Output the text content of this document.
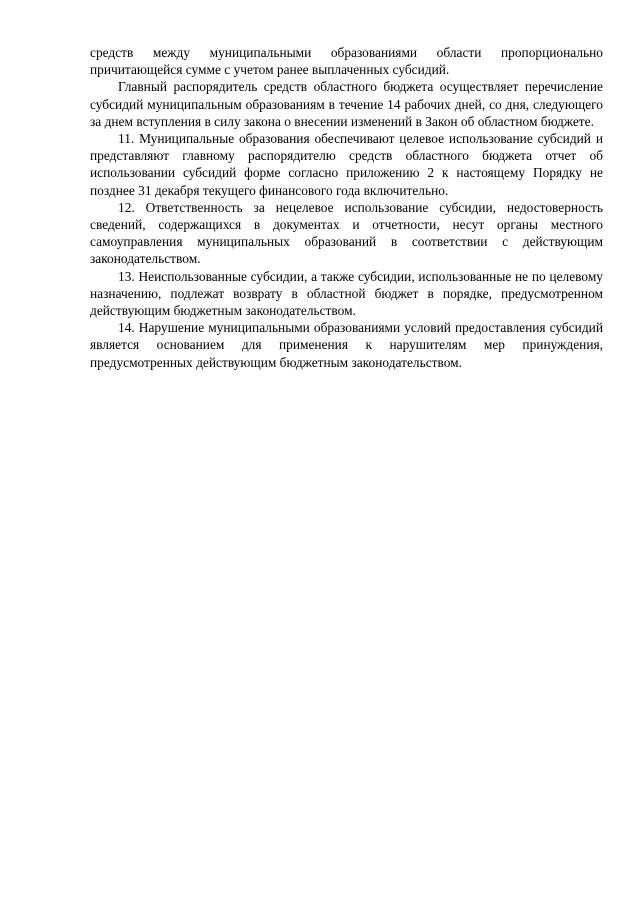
средств между муниципальными образованиями области пропорционально причитающейся сумме с учетом ранее выплаченных субсидий.

Главный распорядитель средств областного бюджета осуществляет перечисление субсидий муниципальным образованиям в течение 14 рабочих дней, со дня, следующего за днем вступления в силу закона о внесении изменений в Закон об областном бюджете.

11. Муниципальные образования обеспечивают целевое использование субсидий и представляют главному распорядителю средств областного бюджета отчет об использовании субсидий форме согласно приложению 2 к настоящему Порядку не позднее 31 декабря текущего финансового года включительно.

12. Ответственность за нецелевое использование субсидии, недостоверность сведений, содержащихся в документах и отчетности, несут органы местного самоуправления муниципальных образований в соответствии с действующим законодательством.

13. Неиспользованные субсидии, а также субсидии, использованные не по целевому назначению, подлежат возврату в областной бюджет в порядке, предусмотренном действующим бюджетным законодательством.

14. Нарушение муниципальными образованиями условий предоставления субсидий является основанием для применения к нарушителям мер принуждения, предусмотренных действующим бюджетным законодательством.
